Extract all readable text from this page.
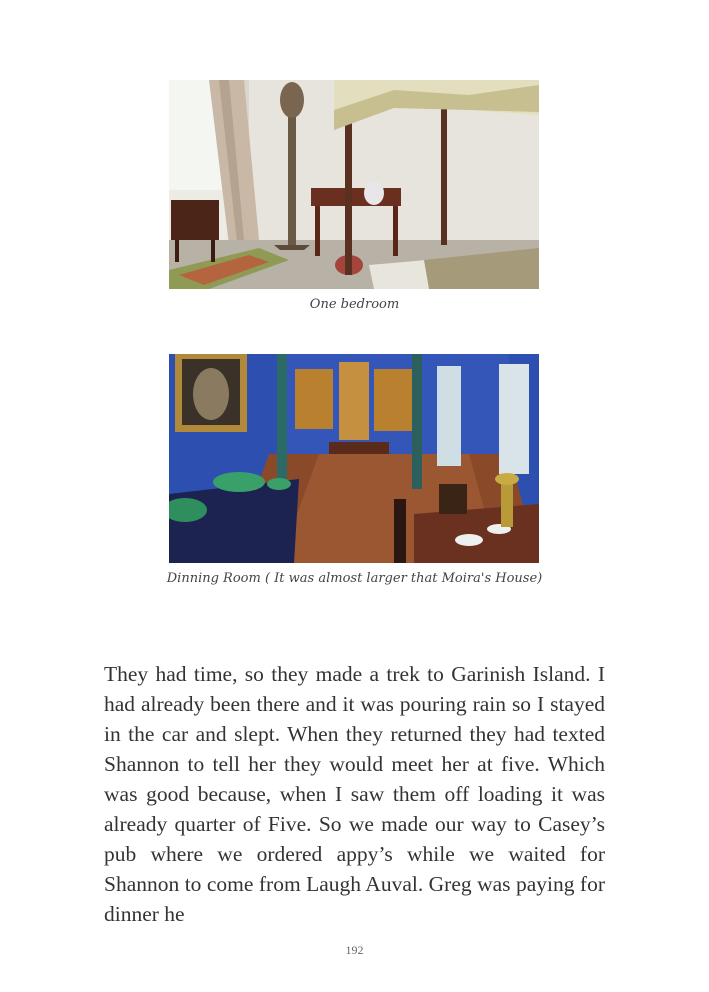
One bedroom
Dinning Room ( It was almost larger that Moira's House)
They had time, so they made a trek to Garinish Island. I had already been there and it was pouring rain so I stayed in the car and slept. When they returned they had texted Shannon to tell her they would meet her at five. Which was good because, when I saw them off loading it was already quarter of Five. So we made our way to Casey’s pub where we ordered appy’s while we waited for Shannon to come from Laugh Auval. Greg was paying for dinner he
192
